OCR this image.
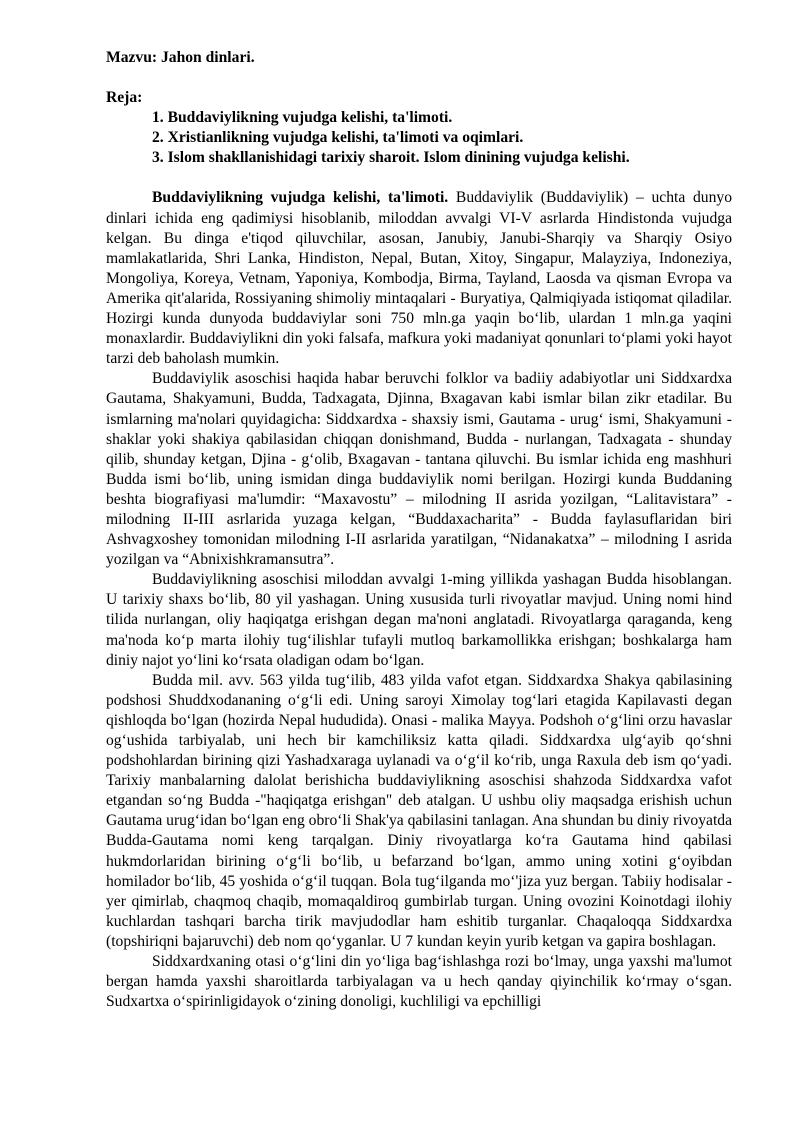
Mazvu: Jahon dinlari.

Reja:

1. Buddaviylikning vujudga kelishi, ta'limoti.
2. Xristianlikning vujudga kelishi, ta'limoti va oqimlari.
3. Islom shakllanishidagi tarixiy sharoit. Islom dinining vujudga kelishi.

Buddaviylikning vujudga kelishi, ta'limoti. Buddaviylik (Buddaviylik) – uchta dunyo dinlari ichida eng qadimiysi hisoblanib, miloddan avvalgi VI-V asrlarda Hindistonda vujudga kelgan. Bu dinga e'tiqod qiluvchilar, asosan, Janubiy, Janubi-Sharqiy va Sharqiy Osiyo mamlakatlarida, Shri Lanka, Hindiston, Nepal, Butan, Xitoy, Singapur, Malayziya, Indoneziya, Mongoliya, Koreya, Vetnam, Yaponiya, Kombodja, Birma, Tayland, Laosda va qisman Evropa va Amerika qit'alarida, Rossiyaning shimoliy mintaqalari - Buryatiya, Qalmiqiyada istiqomat qiladilar. Hozirgi kunda dunyoda buddaviylar soni 750 mln.ga yaqin bo‘lib, ulardan 1 mln.ga yaqini monaxlardir. Buddaviylikni din yoki falsafa, mafkura yoki madaniyat qonunlari to‘plami yoki hayot tarzi deb baholash mumkin.

Buddaviylik asoschisi haqida habar beruvchi folklor va badiiy adabiyotlar uni Siddxardxa Gautama, Shakyamuni, Budda, Tadxagata, Djinna, Bxagavan kabi ismlar bilan zikr etadilar. Bu ismlarning ma'nolari quyidagicha: Siddxardxa - shaxsiy ismi, Gautama - urug‘ ismi, Shakyamuni - shaklar yoki shakiya qabilasidan chiqqan donishmand, Budda - nurlangan, Tadxagata - shunday qilib, shunday ketgan, Djina - g‘olib, Bxagavan - tantana qiluvchi. Bu ismlar ichida eng mashhuri Budda ismi bo‘lib, uning ismidan dinga buddaviylik nomi berilgan. Hozirgi kunda Buddaning beshta biografiyasi ma'lumdir: “Maxavostu” – milodning II asrida yozilgan, “Lalitavistara” - milodning II-III asrlarida yuzaga kelgan, “Buddaxacharita” - Budda faylasuflaridan biri Ashvagxoshey tomonidan milodning I-II asrlarida yaratilgan, “Nidanakatxa” – milodning I asrida yozilgan va “Abnixishkramansutra”.

Buddaviylikning asoschisi miloddan avvalgi 1-ming yillikda yashagan Budda hisoblangan. U tarixiy shaxs bo‘lib, 80 yil yashagan. Uning xususida turli rivoyatlar mavjud. Uning nomi hind tilida nurlangan, oliy haqiqatga erishgan degan ma'noni anglatadi. Rivoyatlarga qaraganda, keng ma'noda ko‘p marta ilohiy tug‘ilishlar tufayli mutloq barkamollikka erishgan; boshkalarga ham diniy najot yo‘lini ko‘rsata oladigan odam bo‘lgan.

Budda mil. avv. 563 yilda tug‘ilib, 483 yilda vafot etgan. Siddxardxa Shakya qabilasining podshosi Shuddxodananing o‘g‘li edi. Uning saroyi Ximolay tog‘lari etagida Kapilavasti degan qishloqda bo‘lgan (hozirda Nepal hududida). Onasi - malika Mayya. Podshoh o‘g‘lini orzu havaslar og‘ushida tarbiyalab, uni hech bir kamchiliksiz katta qiladi. Siddxardxa ulg‘ayib qo‘shni podshohlardan birining qizi Yashadxaraga uylanadi va o‘g‘il ko‘rib, unga Raxula deb ism qo‘yadi. Tarixiy manbalarning dalolat berishicha buddaviylikning asoschisi shahzoda Siddxardxa vafot etgandan so‘ng Budda -"haqiqatga erishgan" deb atalgan. U ushbu oliy maqsadga erishish uchun Gautama urug‘idan bo‘lgan eng obro‘li Shak'ya qabilasini tanlagan. Ana shundan bu diniy rivoyatda Budda-Gautama nomi keng tarqalgan. Diniy rivoyatlarga ko‘ra Gautama hind qabilasi hukmdorlaridan birining o‘g‘li bo‘lib, u befarzand bo‘lgan, ammo uning xotini g‘oyibdan homilador bo‘lib, 45 yoshida o‘g‘il tuqqan. Bola tug‘ilganda mo‘'jiza yuz bergan. Tabiiy hodisalar - yer qimirlab, chaqmoq chaqib, momaqaldiroq gumbirlab turgan. Uning ovozini Koinotdagi ilohiy kuchlardan tashqari barcha tirik mavjudodlar ham eshitib turganlar. Chaqaloqqa Siddxardxa (topshiriqni bajaruvchi) deb nom qo‘yganlar. U 7 kundan keyin yurib ketgan va gapira boshlagan.

Siddxardxaning otasi o‘g‘lini din yo‘liga bag‘ishlashga rozi bo‘lmay, unga yaxshi ma'lumot bergan hamda yaxshi sharoitlarda tarbiyalagan va u hech qanday qiyinchilik ko‘rmay o‘sgan. Sudxartxa o‘spirinligidayok o‘zining donoligi, kuchliligi va epchilligi
